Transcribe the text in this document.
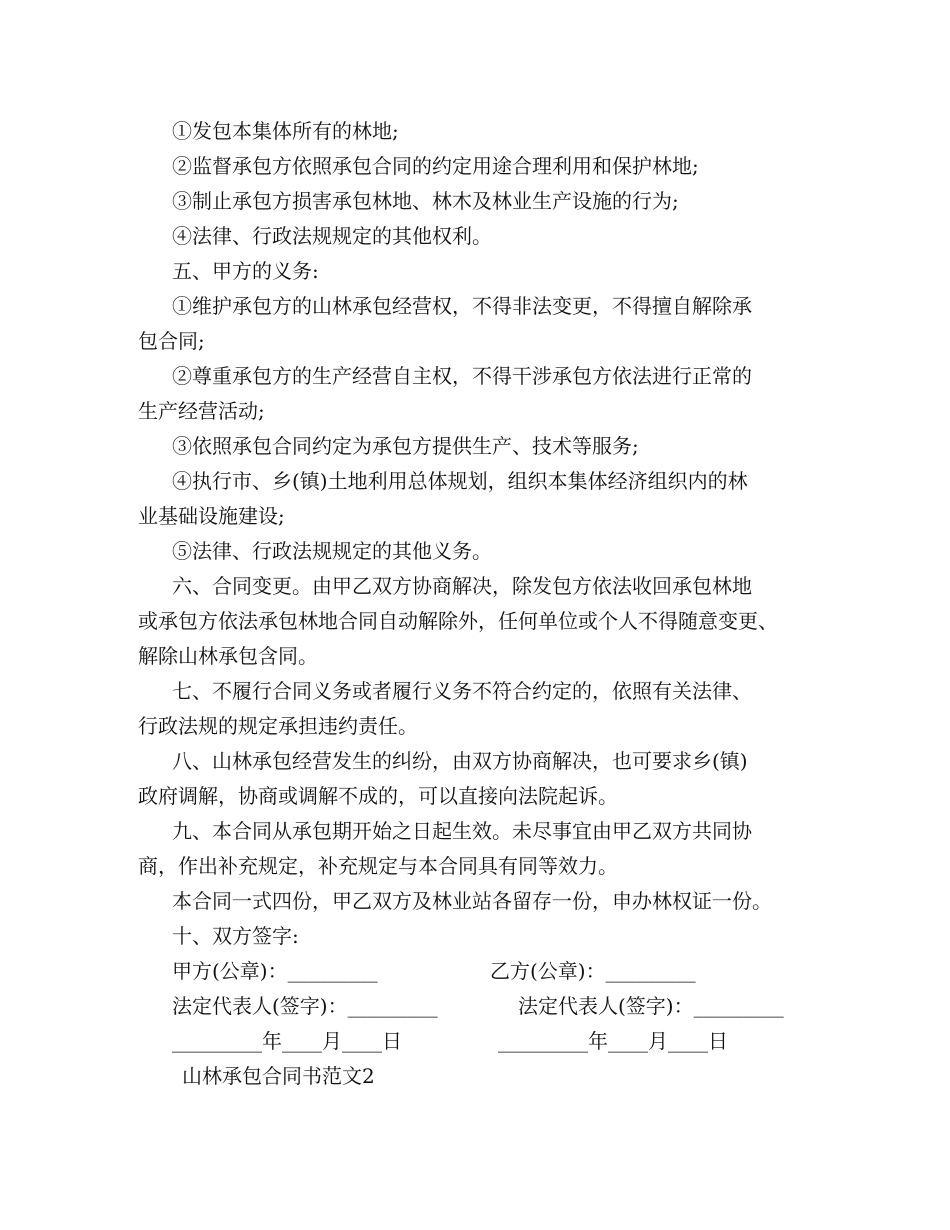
①发包本集体所有的林地;
②监督承包方依照承包合同的约定用途合理利用和保护林地;
③制止承包方损害承包林地、林木及林业生产设施的行为;
④法律、行政法规规定的其他权利。
五、甲方的义务:
①维护承包方的山林承包经营权，不得非法变更，不得擅自解除承
包合同;
②尊重承包方的生产经营自主权，不得干涉承包方依法进行正常的
生产经营活动;
③依照承包合同约定为承包方提供生产、技术等服务;
④执行市、乡(镇)土地利用总体规划，组织本集体经济组织内的林
业基础设施建设;
⑤法律、行政法规规定的其他义务。
六、合同变更。由甲乙双方协商解决，除发包方依法收回承包林地
或承包方依法承包林地合同自动解除外，任何单位或个人不得随意变更、
解除山林承包含同。
七、不履行合同义务或者履行义务不符合约定的，依照有关法律、
行政法规的规定承担违约责任。
八、山林承包经营发生的纠纷，由双方协商解决，也可要求乡(镇)
政府调解，协商或调解不成的，可以直接向法院起诉。
九、本合同从承包期开始之日起生效。未尽事宜由甲乙双方共同协
商，作出补充规定，补充规定与本合同具有同等效力。
本合同一式四份，甲乙双方及林业站各留存一份，申办林权证一份。
十、双方签字:
甲方(公章)：_________	乙方(公章)：_________
法定代表人(签字)：_________	法定代表人(签字)：_________
_________年____月____日	_________年____月____日
山林承包合同书范文2
